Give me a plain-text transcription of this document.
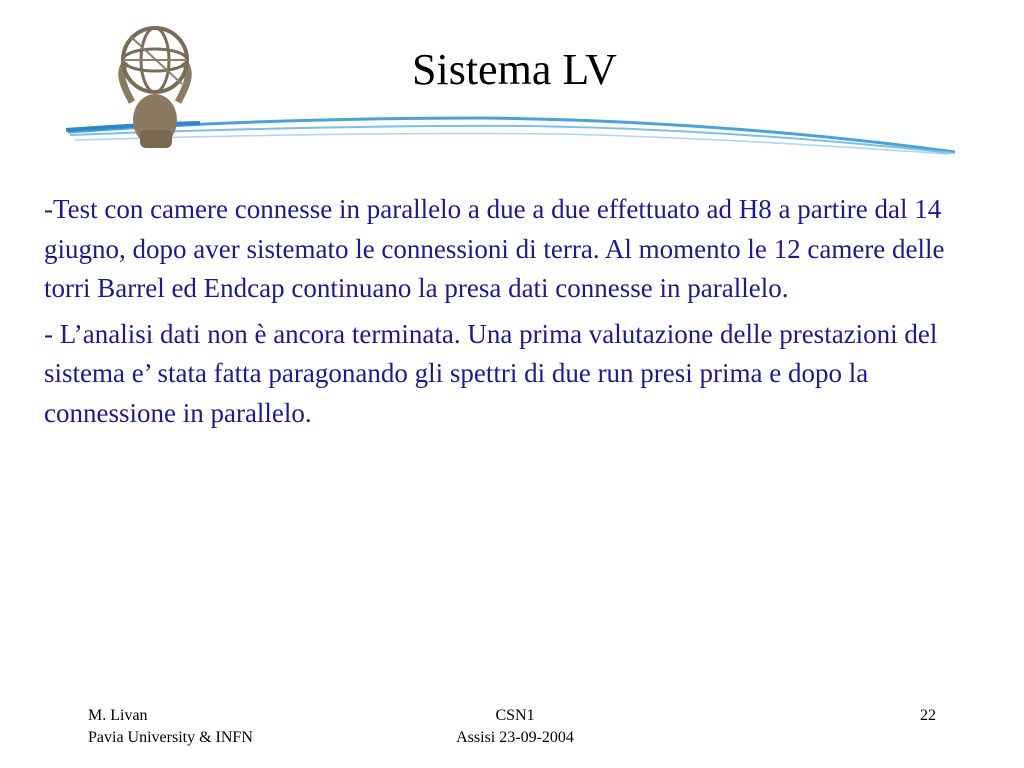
Sistema LV

-Test con camere connesse in parallelo a due a due effettuato ad H8 a partire dal 14 giugno, dopo aver sistemato le connessioni di terra. Al momento le 12 camere delle torri Barrel ed Endcap continuano la presa dati connesse in parallelo.

- L’analisi dati non è ancora terminata. Una prima valutazione delle prestazioni del sistema e’ stata fatta paragonando gli spettri di due run presi prima e dopo la connessione in parallelo.

M. Livan
Pavia University & INFN
CSN1
Assisi 23-09-2004
22
